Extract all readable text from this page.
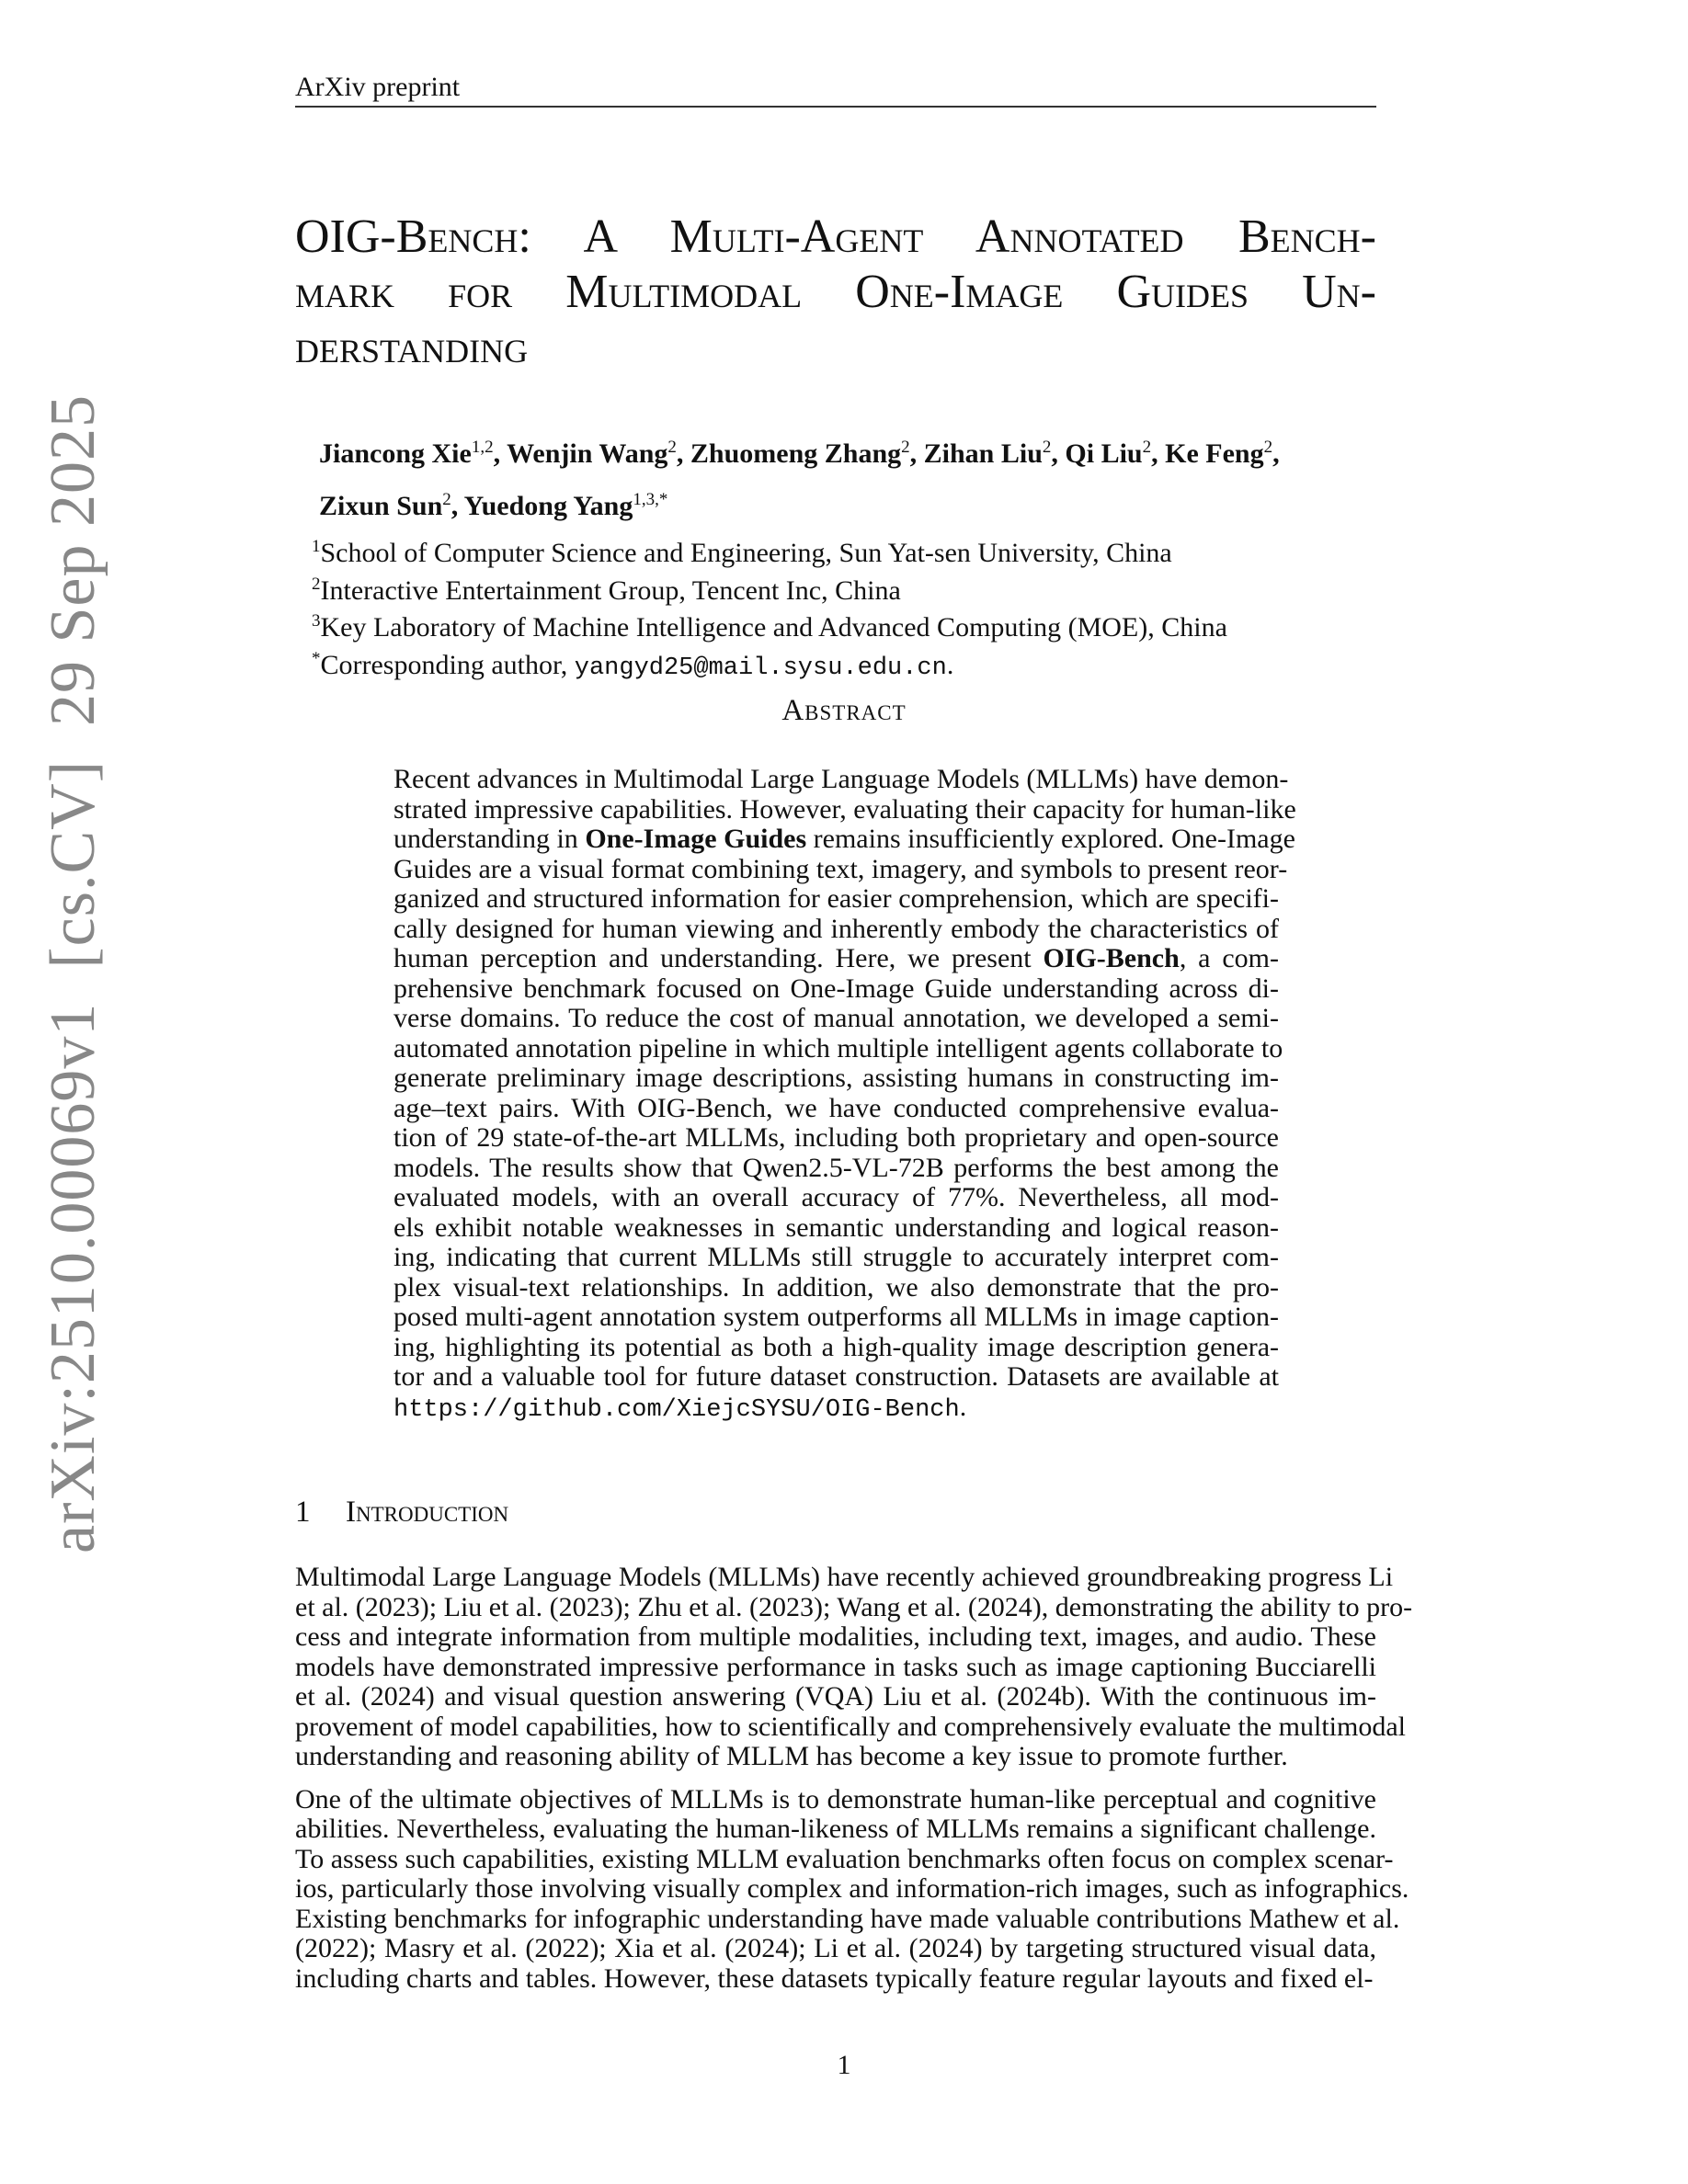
ArXiv preprint
arXiv:2510.00069v1  [cs.CV]  29 Sep 2025
OIG-Bench: A Multi-Agent Annotated Bench-
mark for Multimodal One-Image Guides Un-
derstanding
Jiancong Xie$^{1,2}$, Wenjin Wang$^2$, Zhuomeng Zhang$^2$, Zihan Liu$^2$, Qi Liu$^2$, Ke Feng$^2$,
Zixun Sun$^2$, Yuedong Yang$^{1,3,*}$
$^1$School of Computer Science and Engineering, Sun Yat-sen University, China
$^2$Interactive Entertainment Group, Tencent Inc, China
$^3$Key Laboratory of Machine Intelligence and Advanced Computing (MOE), China
*Corresponding author, yangyd25@mail.sysu.edu.cn.
Abstract
Recent advances in Multimodal Large Language Models (MLLMs) have demon-
strated impressive capabilities. However, evaluating their capacity for human-like
understanding in One-Image Guides remains insufficiently explored. One-Image
Guides are a visual format combining text, imagery, and symbols to present reor-
ganized and structured information for easier comprehension, which are specifi-
cally designed for human viewing and inherently embody the characteristics of
human perception and understanding. Here, we present OIG-Bench, a com-
prehensive benchmark focused on One-Image Guide understanding across di-
verse domains. To reduce the cost of manual annotation, we developed a semi-
automated annotation pipeline in which multiple intelligent agents collaborate to
generate preliminary image descriptions, assisting humans in constructing im-
age–text pairs. With OIG-Bench, we have conducted comprehensive evalua-
tion of 29 state-of-the-art MLLMs, including both proprietary and open-source
models. The results show that Qwen2.5-VL-72B performs the best among the
evaluated models, with an overall accuracy of 77%. Nevertheless, all mod-
els exhibit notable weaknesses in semantic understanding and logical reason-
ing, indicating that current MLLMs still struggle to accurately interpret com-
plex visual-text relationships. In addition, we also demonstrate that the pro-
posed multi-agent annotation system outperforms all MLLMs in image caption-
ing, highlighting its potential as both a high-quality image description genera-
tor and a valuable tool for future dataset construction. Datasets are available at
https://github.com/XiejcSYSU/OIG-Bench.
1 Introduction
Multimodal Large Language Models (MLLMs) have recently achieved groundbreaking progress Li
et al. (2023); Liu et al. (2023); Zhu et al. (2023); Wang et al. (2024), demonstrating the ability to pro-
cess and integrate information from multiple modalities, including text, images, and audio. These
models have demonstrated impressive performance in tasks such as image captioning Bucciarelli
et al. (2024) and visual question answering (VQA) Liu et al. (2024b). With the continuous im-
provement of model capabilities, how to scientifically and comprehensively evaluate the multimodal
understanding and reasoning ability of MLLM has become a key issue to promote further.
One of the ultimate objectives of MLLMs is to demonstrate human-like perceptual and cognitive
abilities. Nevertheless, evaluating the human-likeness of MLLMs remains a significant challenge.
To assess such capabilities, existing MLLM evaluation benchmarks often focus on complex scenar-
ios, particularly those involving visually complex and information-rich images, such as infographics.
Existing benchmarks for infographic understanding have made valuable contributions Mathew et al.
(2022); Masry et al. (2022); Xia et al. (2024); Li et al. (2024) by targeting structured visual data,
including charts and tables. However, these datasets typically feature regular layouts and fixed el-
1
